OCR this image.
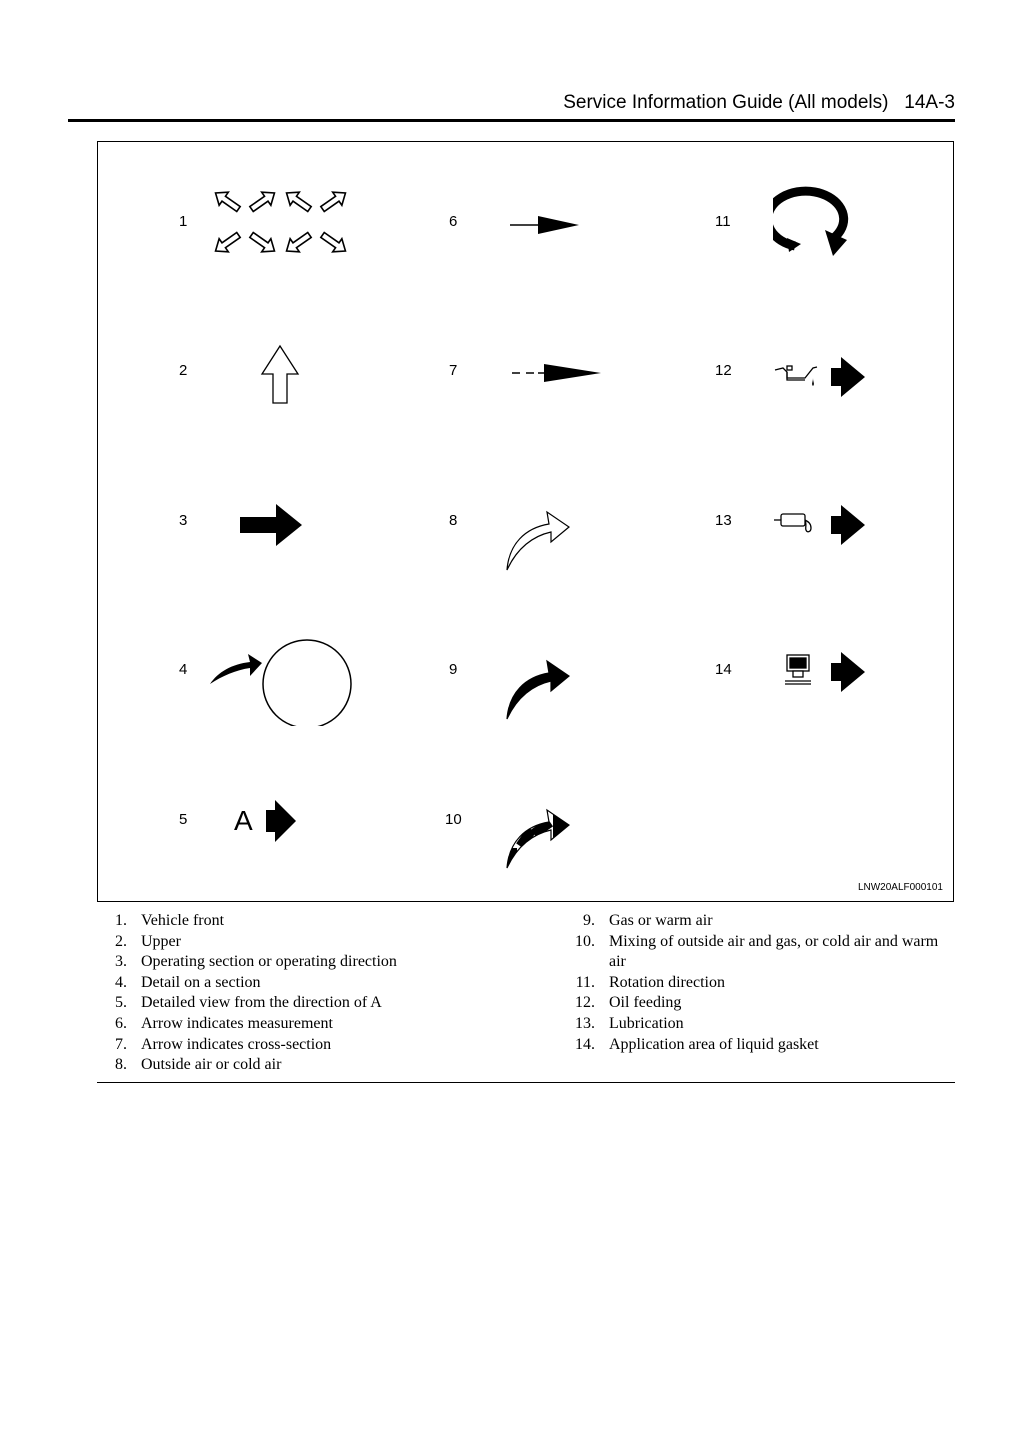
Service Information Guide (All models) 14A-3
1
2
3
4
5
6
7
8
9
10
11
12
13
14
A
LNW20ALF000101
1. Vehicle front
2. Upper
3. Operating section or operating direction
4. Detail on a section
5. Detailed view from the direction of A
6. Arrow indicates measurement
7. Arrow indicates cross-section
8. Outside air or cold air
9. Gas or warm air
10. Mixing of outside air and gas, or cold air and warm air
11. Rotation direction
12. Oil feeding
13. Lubrication
14. Application area of liquid gasket
